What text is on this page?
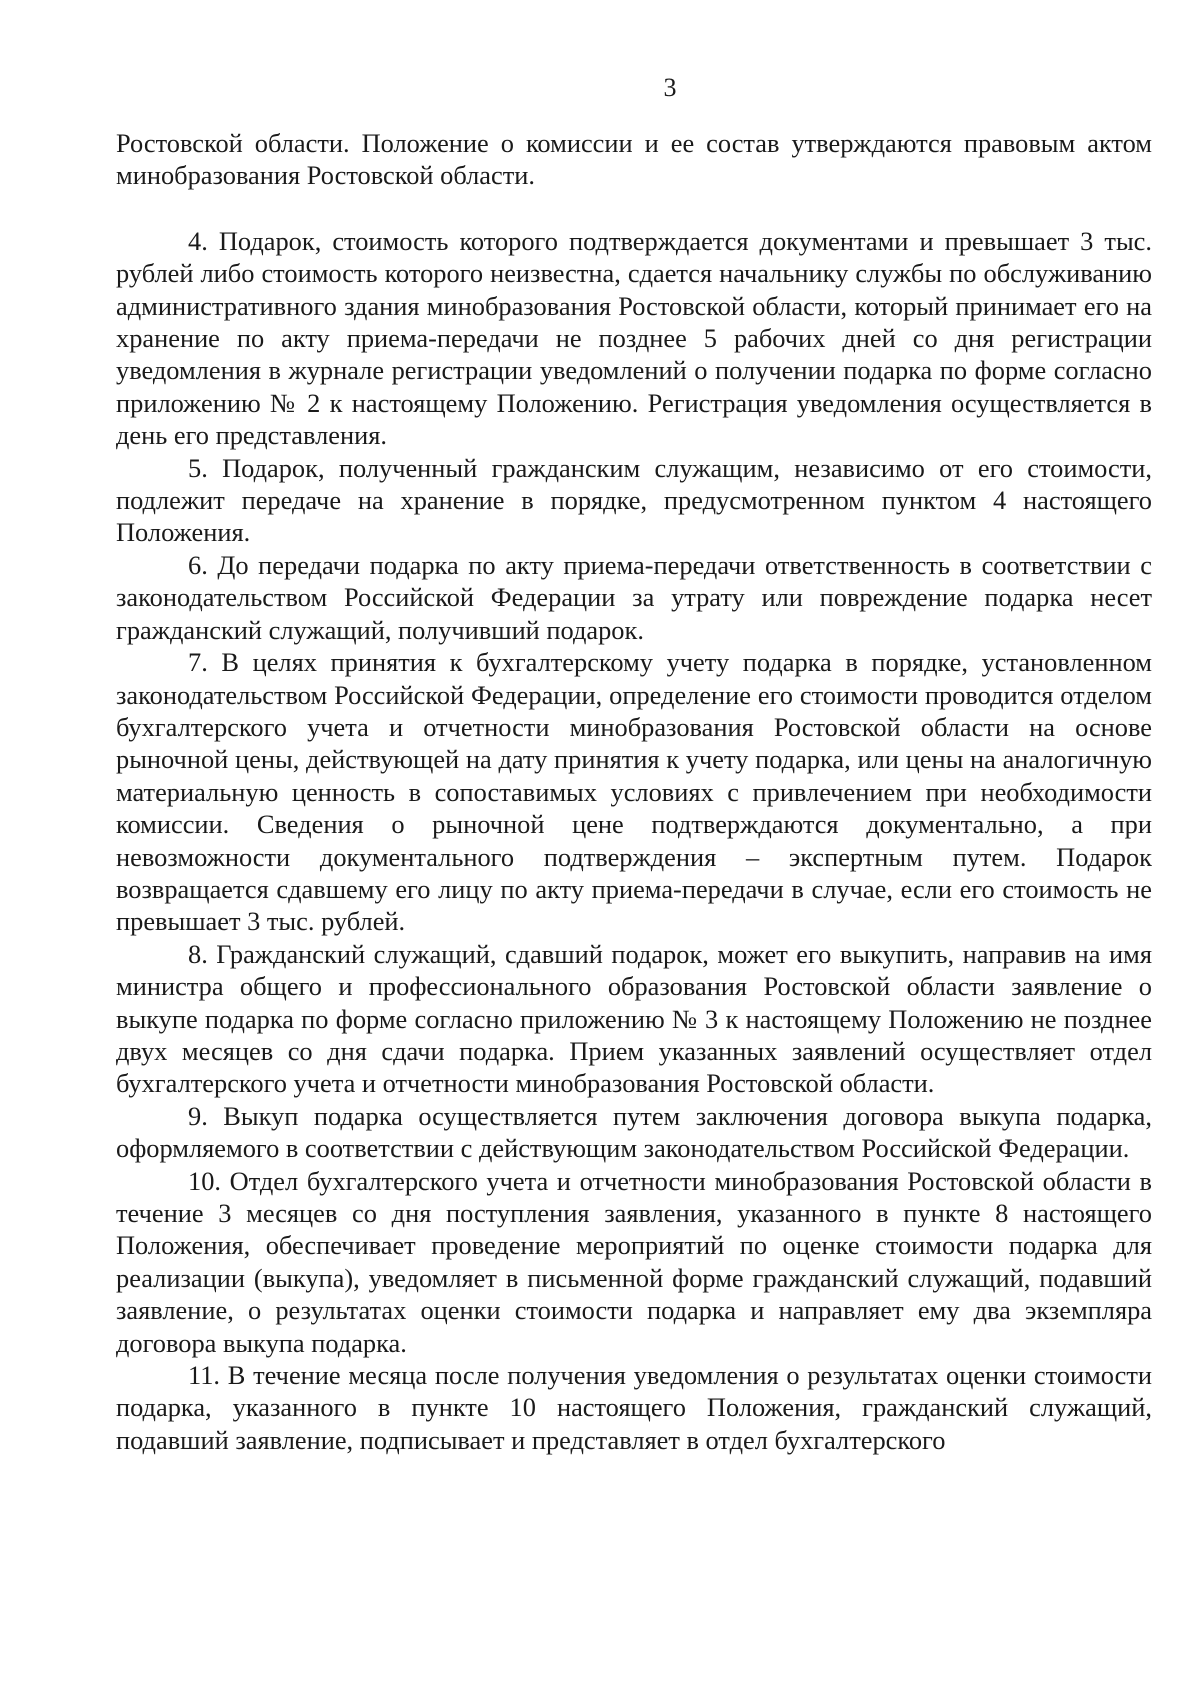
3

Ростовской области. Положение о комиссии и ее состав утверждаются правовым актом минобразования Ростовской области.

4. Подарок, стоимость которого подтверждается документами и превышает 3 тыс. рублей либо стоимость которого неизвестна, сдается начальнику службы по обслуживанию административного здания минобразования Ростовской области, который принимает его на хранение по акту приема-передачи не позднее 5 рабочих дней со дня регистрации уведомления в журнале регистрации уведомлений о получении подарка по форме согласно приложению № 2 к настоящему Положению. Регистрация уведомления осуществляется в день его представления.

5. Подарок, полученный гражданским служащим, независимо от его стоимости, подлежит передаче на хранение в порядке, предусмотренном пунктом 4 настоящего Положения.

6. До передачи подарка по акту приема-передачи ответственность в соответствии с законодательством Российской Федерации за утрату или повреждение подарка несет гражданский служащий, получивший подарок.

7. В целях принятия к бухгалтерскому учету подарка в порядке, установленном законодательством Российской Федерации, определение его стоимости проводится отделом бухгалтерского учета и отчетности минобразования Ростовской области на основе рыночной цены, действующей на дату принятия к учету подарка, или цены на аналогичную материальную ценность в сопоставимых условиях с привлечением при необходимости комиссии. Сведения о рыночной цене подтверждаются документально, а при невозможности документального подтверждения – экспертным путем. Подарок возвращается сдавшему его лицу по акту приема-передачи в случае, если его стоимость не превышает 3 тыс. рублей.

8. Гражданский служащий, сдавший подарок, может его выкупить, направив на имя министра общего и профессионального образования Ростовской области заявление о выкупе подарка по форме согласно приложению № 3 к настоящему Положению не позднее двух месяцев со дня сдачи подарка. Прием указанных заявлений осуществляет отдел бухгалтерского учета и отчетности минобразования Ростовской области.

9. Выкуп подарка осуществляется путем заключения договора выкупа подарка, оформляемого в соответствии с действующим законодательством Российской Федерации.

10. Отдел бухгалтерского учета и отчетности минобразования Ростовской области в течение 3 месяцев со дня поступления заявления, указанного в пункте 8 настоящего Положения, обеспечивает проведение мероприятий по оценке стоимости подарка для реализации (выкупа), уведомляет в письменной форме гражданский служащий, подавший заявление, о результатах оценки стоимости подарка и направляет ему два экземпляра договора выкупа подарка.

11. В течение месяца после получения уведомления о результатах оценки стоимости подарка, указанного в пункте 10 настоящего Положения, гражданский служащий, подавший заявление, подписывает и представляет в отдел бухгалтерского
